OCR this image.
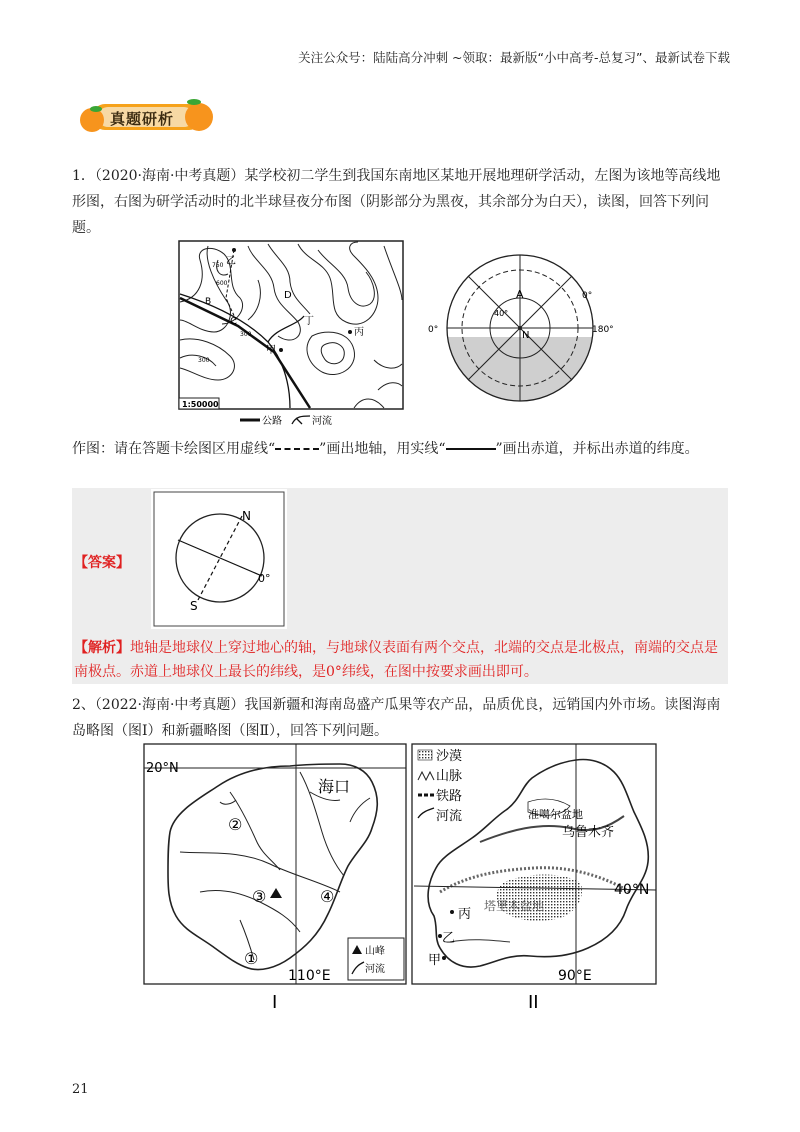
关注公众号：陆陆高分冲刺 ~领取：最新版“小中高考-总复习”、最新试卷下载
真题研析

1．（2020·海南·中考真题）某学校初二学生到我国东南地区某地开展地理研学活动，左图为该地等高线地形图，右图为研学活动时的北半球昼夜分布图（阴影部分为黑夜，其余部分为白天），读图，回答下列问题。

乙
D
丁
丙
甲
C
B
750
600
300
300
1:50000
公路	河流
A
N
0°
0°	180°
40°

作图：请在答题卡绘图区用虚线“	”画出地轴，用实线“	”画出赤道，并标出赤道的纬度。

N
S
0°
【答案】

【解析】地轴是地球仪上穿过地心的轴，与地球仪表面有两个交点，北端的交点是北极点，南端的交点是南极点。赤道上地球仪上最长的纬线，是0°纬线，在图中按要求画出即可。

2、（2022·海南·中考真题）我国新疆和海南岛盛产瓜果等农产品，品质优良，远销国内外市场。读图海南岛略图（图Ⅰ）和新疆略图（图Ⅱ），回答下列问题。

20°N
海口
②
③	④
①
110°E
山峰
河流
I
沙漠
山脉
铁路
河流	准噶尔盆地
乌鲁木齐
塔里木盆地
丙
乙
甲
40°N
90°E
II
21
